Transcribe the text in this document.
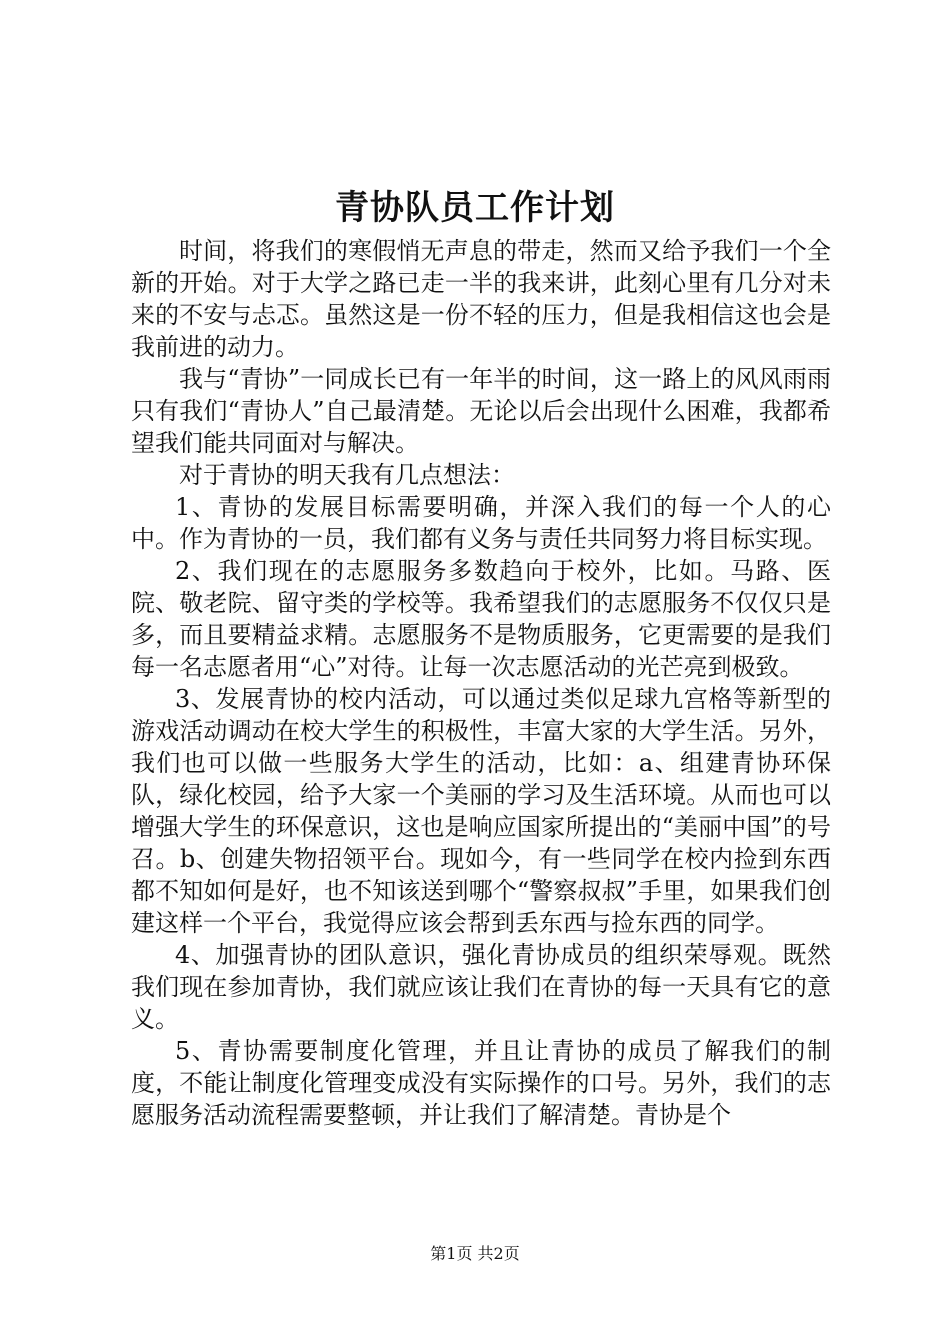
青协队员工作计划

时间，将我们的寒假悄无声息的带走，然而又给予我们一个全新的开始。对于大学之路已走一半的我来讲，此刻心里有几分对未来的不安与忐忑。虽然这是一份不轻的压力，但是我相信这也会是我前进的动力。

我与“青协”一同成长已有一年半的时间，这一路上的风风雨雨只有我们“青协人”自己最清楚。无论以后会出现什么困难，我都希望我们能共同面对与解决。

对于青协的明天我有几点想法：

1、青协的发展目标需要明确，并深入我们的每一个人的心中。作为青协的一员，我们都有义务与责任共同努力将目标实现。

2、我们现在的志愿服务多数趋向于校外，比如。马路、医院、敬老院、留守类的学校等。我希望我们的志愿服务不仅仅只是多，而且要精益求精。志愿服务不是物质服务，它更需要的是我们每一名志愿者用“心”对待。让每一次志愿活动的光芒亮到极致。

3、发展青协的校内活动，可以通过类似足球九宫格等新型的游戏活动调动在校大学生的积极性，丰富大家的大学生活。另外，我们也可以做一些服务大学生的活动，比如：a、组建青协环保队，绿化校园，给予大家一个美丽的学习及生活环境。从而也可以增强大学生的环保意识，这也是响应国家所提出的“美丽中国”的号召。b、创建失物招领平台。现如今，有一些同学在校内捡到东西都不知如何是好，也不知该送到哪个“警察叔叔”手里，如果我们创建这样一个平台，我觉得应该会帮到丢东西与捡东西的同学。

4、加强青协的团队意识，强化青协成员的组织荣辱观。既然我们现在参加青协，我们就应该让我们在青协的每一天具有它的意义。

5、青协需要制度化管理，并且让青协的成员了解我们的制度，不能让制度化管理变成没有实际操作的口号。另外，我们的志愿服务活动流程需要整顿，并让我们了解清楚。青协是个

第1页 共2页
